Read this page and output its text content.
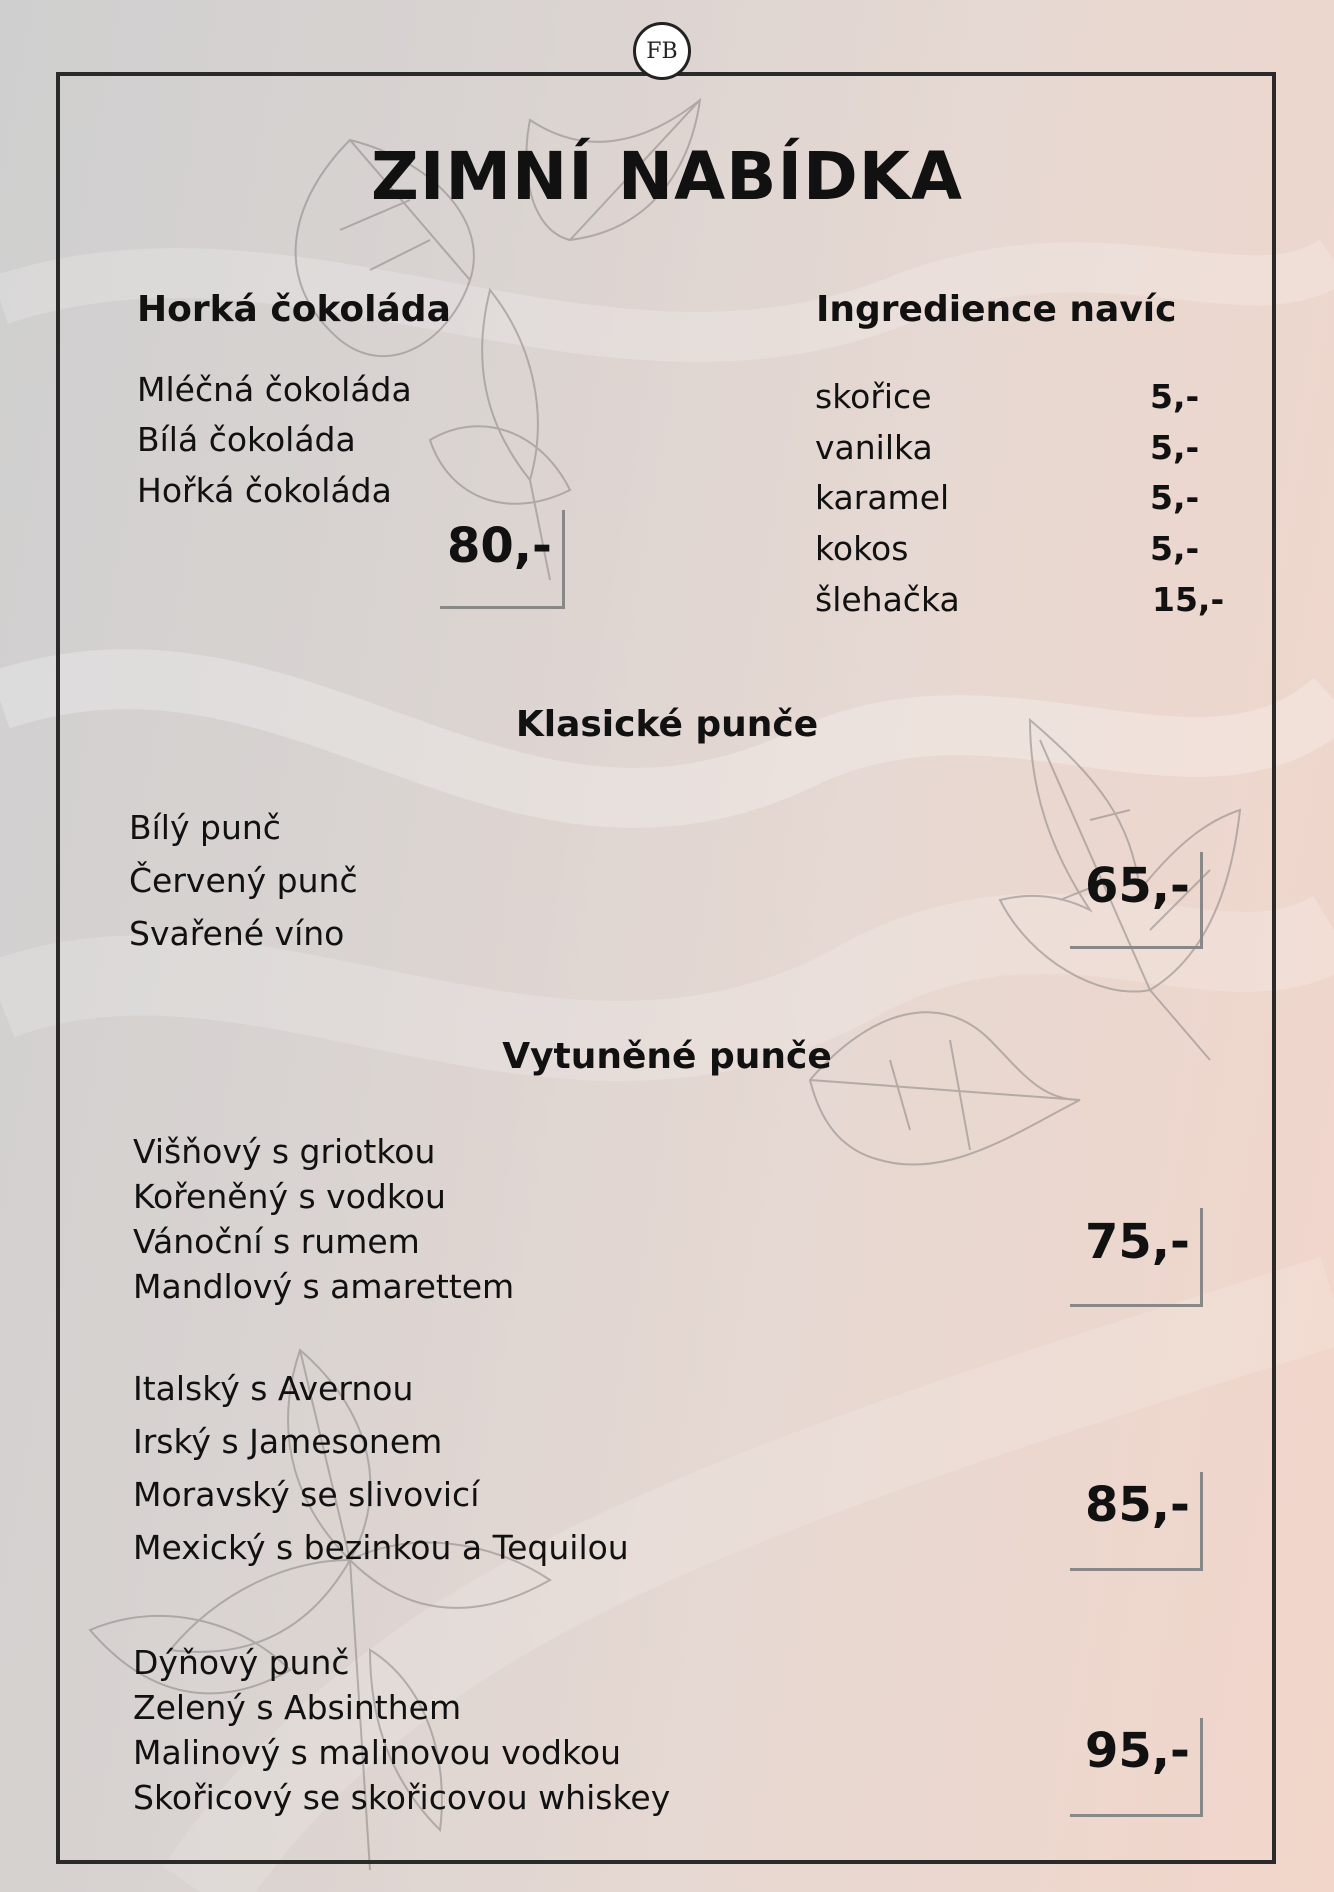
FB
ZIMNÍ NABÍDKA
Horká čokoláda
Mléčná čokoláda
Bílá čokoláda
Hořká čokoláda
80,-
Ingredience navíc
skořice	5,-
vanilka	5,-
karamel	5,-
kokos	5,-
šlehačka	15,-
Klasické punče
Bílý punč
Červený punč
Svařené víno
65,-
Vytuněné punče
Višňový s griotkou
Kořeněný s vodkou
Vánoční s rumem
Mandlový s amarettem
75,-
Italský s Avernou
Irský s Jamesonem
Moravský se slivovicí
Mexický s bezinkou a Tequilou
85,-
Dýňový punč
Zelený s Absinthem
Malinový s malinovou vodkou
Skořicový se skořicovou whiskey
95,-
